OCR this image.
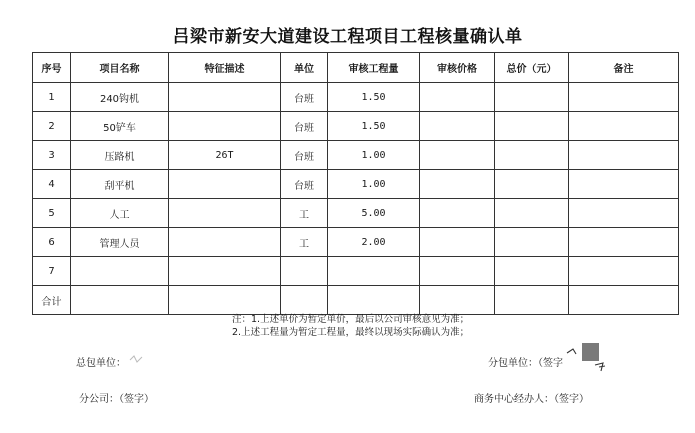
吕梁市新安大道建设工程项目工程核量确认单
序号	项目名称	特征描述	单位	审核工程量	审核价格	总价（元）	备注
1	240钩机		台班	1.50			
2	50铲车		台班	1.50			
3	压路机	26T	台班	1.00			
4	刮平机		台班	1.00			
5	人工		工	5.00			
6	管理人员		工	2.00			
7							
合计							
注：1.上述单价为暂定单价，最后以公司审核意见为准；
2.上述工程量为暂定工程量，最终以现场实际确认为准；
总包单位：	分包单位：（签字
分公司：（签字）	商务中心经办人：（签字）
